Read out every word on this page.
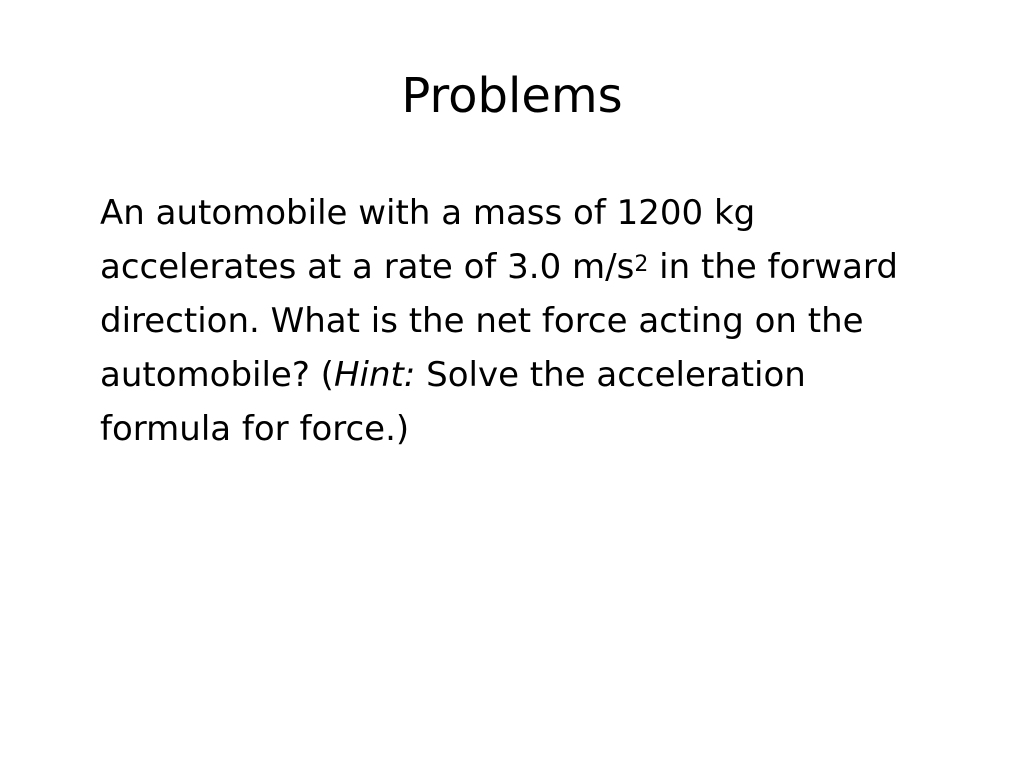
Problems
An automobile with a mass of 1200 kg
accelerates at a rate of 3.0 $m/s^2$ in the forward
direction. What is the net force acting on the
automobile? (Hint: Solve the acceleration
formula for force.)
